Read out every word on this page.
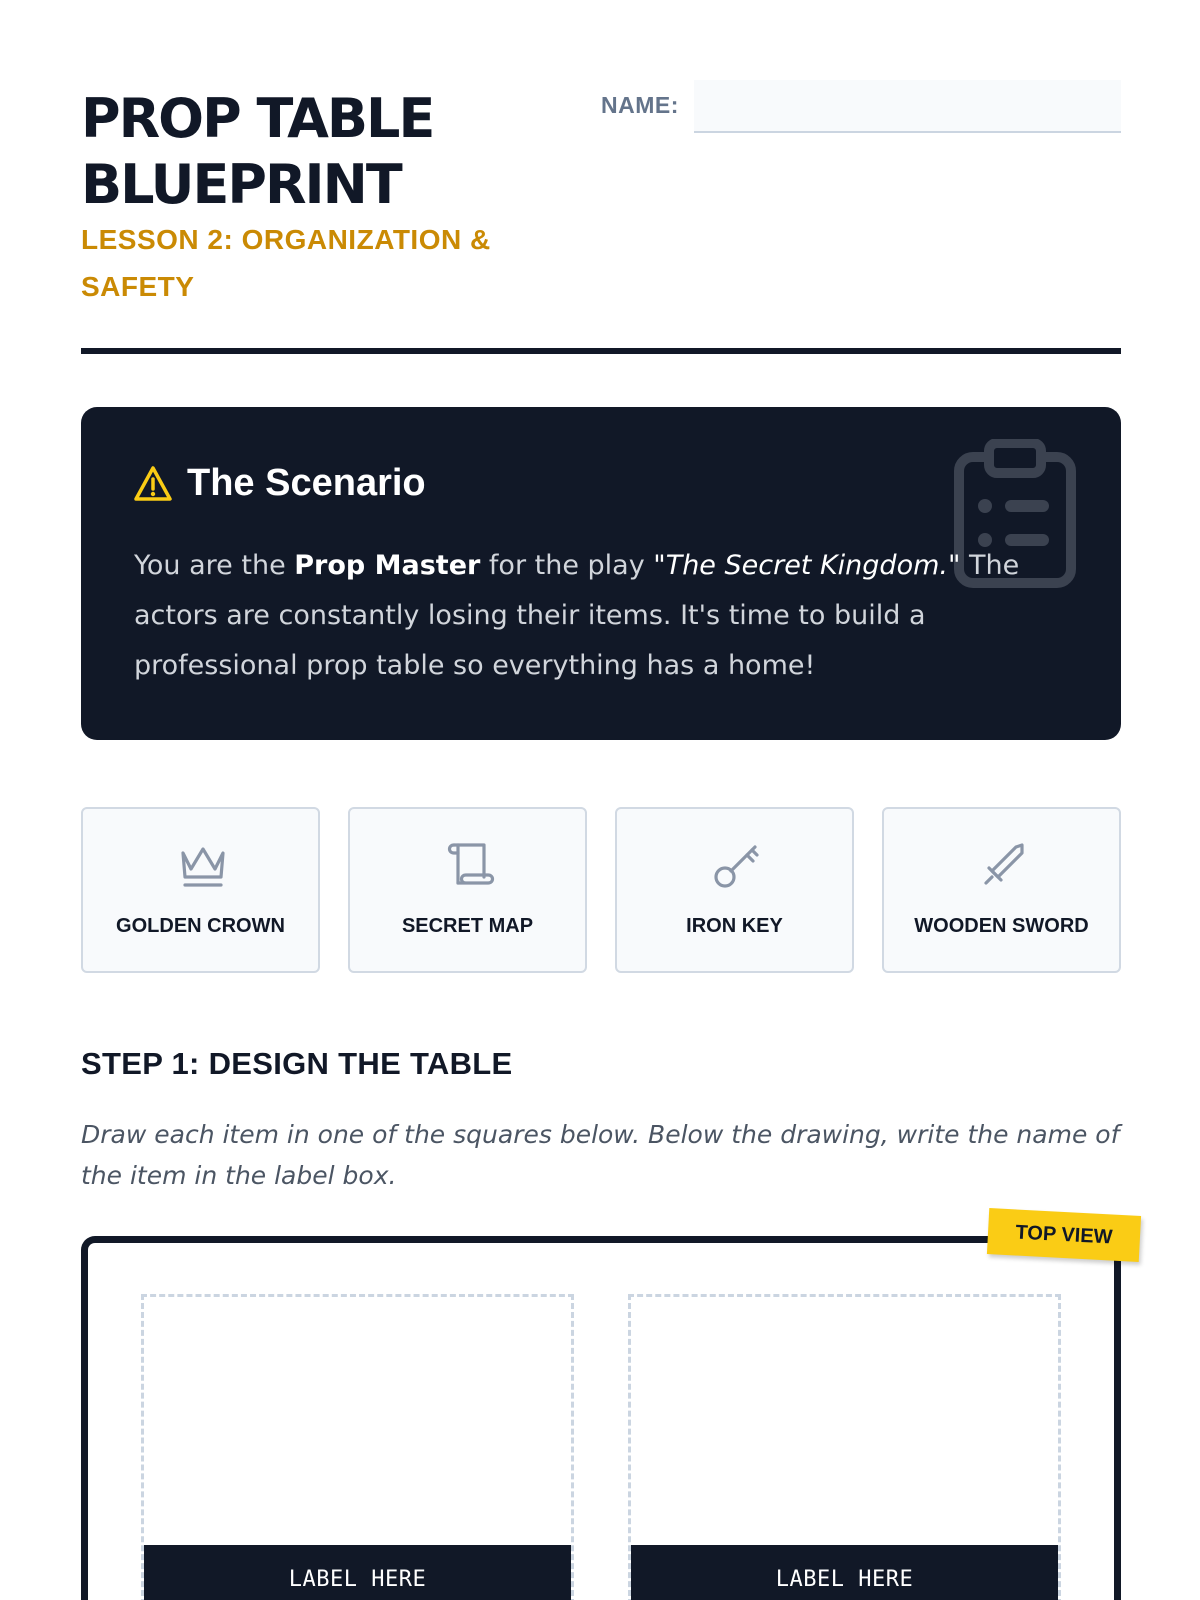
PROP TABLE BLUEPRINT
LESSON 2: ORGANIZATION & SAFETY
NAME:
The Scenario

You are the Prop Master for the play "The Secret Kingdom." The actors are constantly losing their items. It's time to build a professional prop table so everything has a home!

GOLDEN CROWN	SECRET MAP	IRON KEY	WOODEN SWORD
STEP 1: DESIGN THE TABLE

Draw each item in one of the squares below. Below the drawing, write the name of the item in the label box.

TOP VIEW
LABEL HERE	LABEL HERE
